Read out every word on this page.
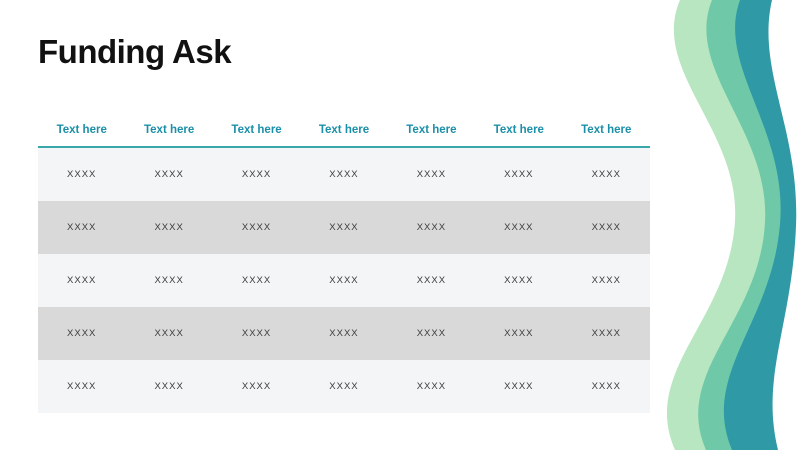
Funding Ask
Text here	Text here	Text here	Text here	Text here	Text here	Text here
XXXX	XXXX	XXXX	XXXX	XXXX	XXXX	XXXX
XXXX	XXXX	XXXX	XXXX	XXXX	XXXX	XXXX
XXXX	XXXX	XXXX	XXXX	XXXX	XXXX	XXXX
XXXX	XXXX	XXXX	XXXX	XXXX	XXXX	XXXX
XXXX	XXXX	XXXX	XXXX	XXXX	XXXX	XXXX
